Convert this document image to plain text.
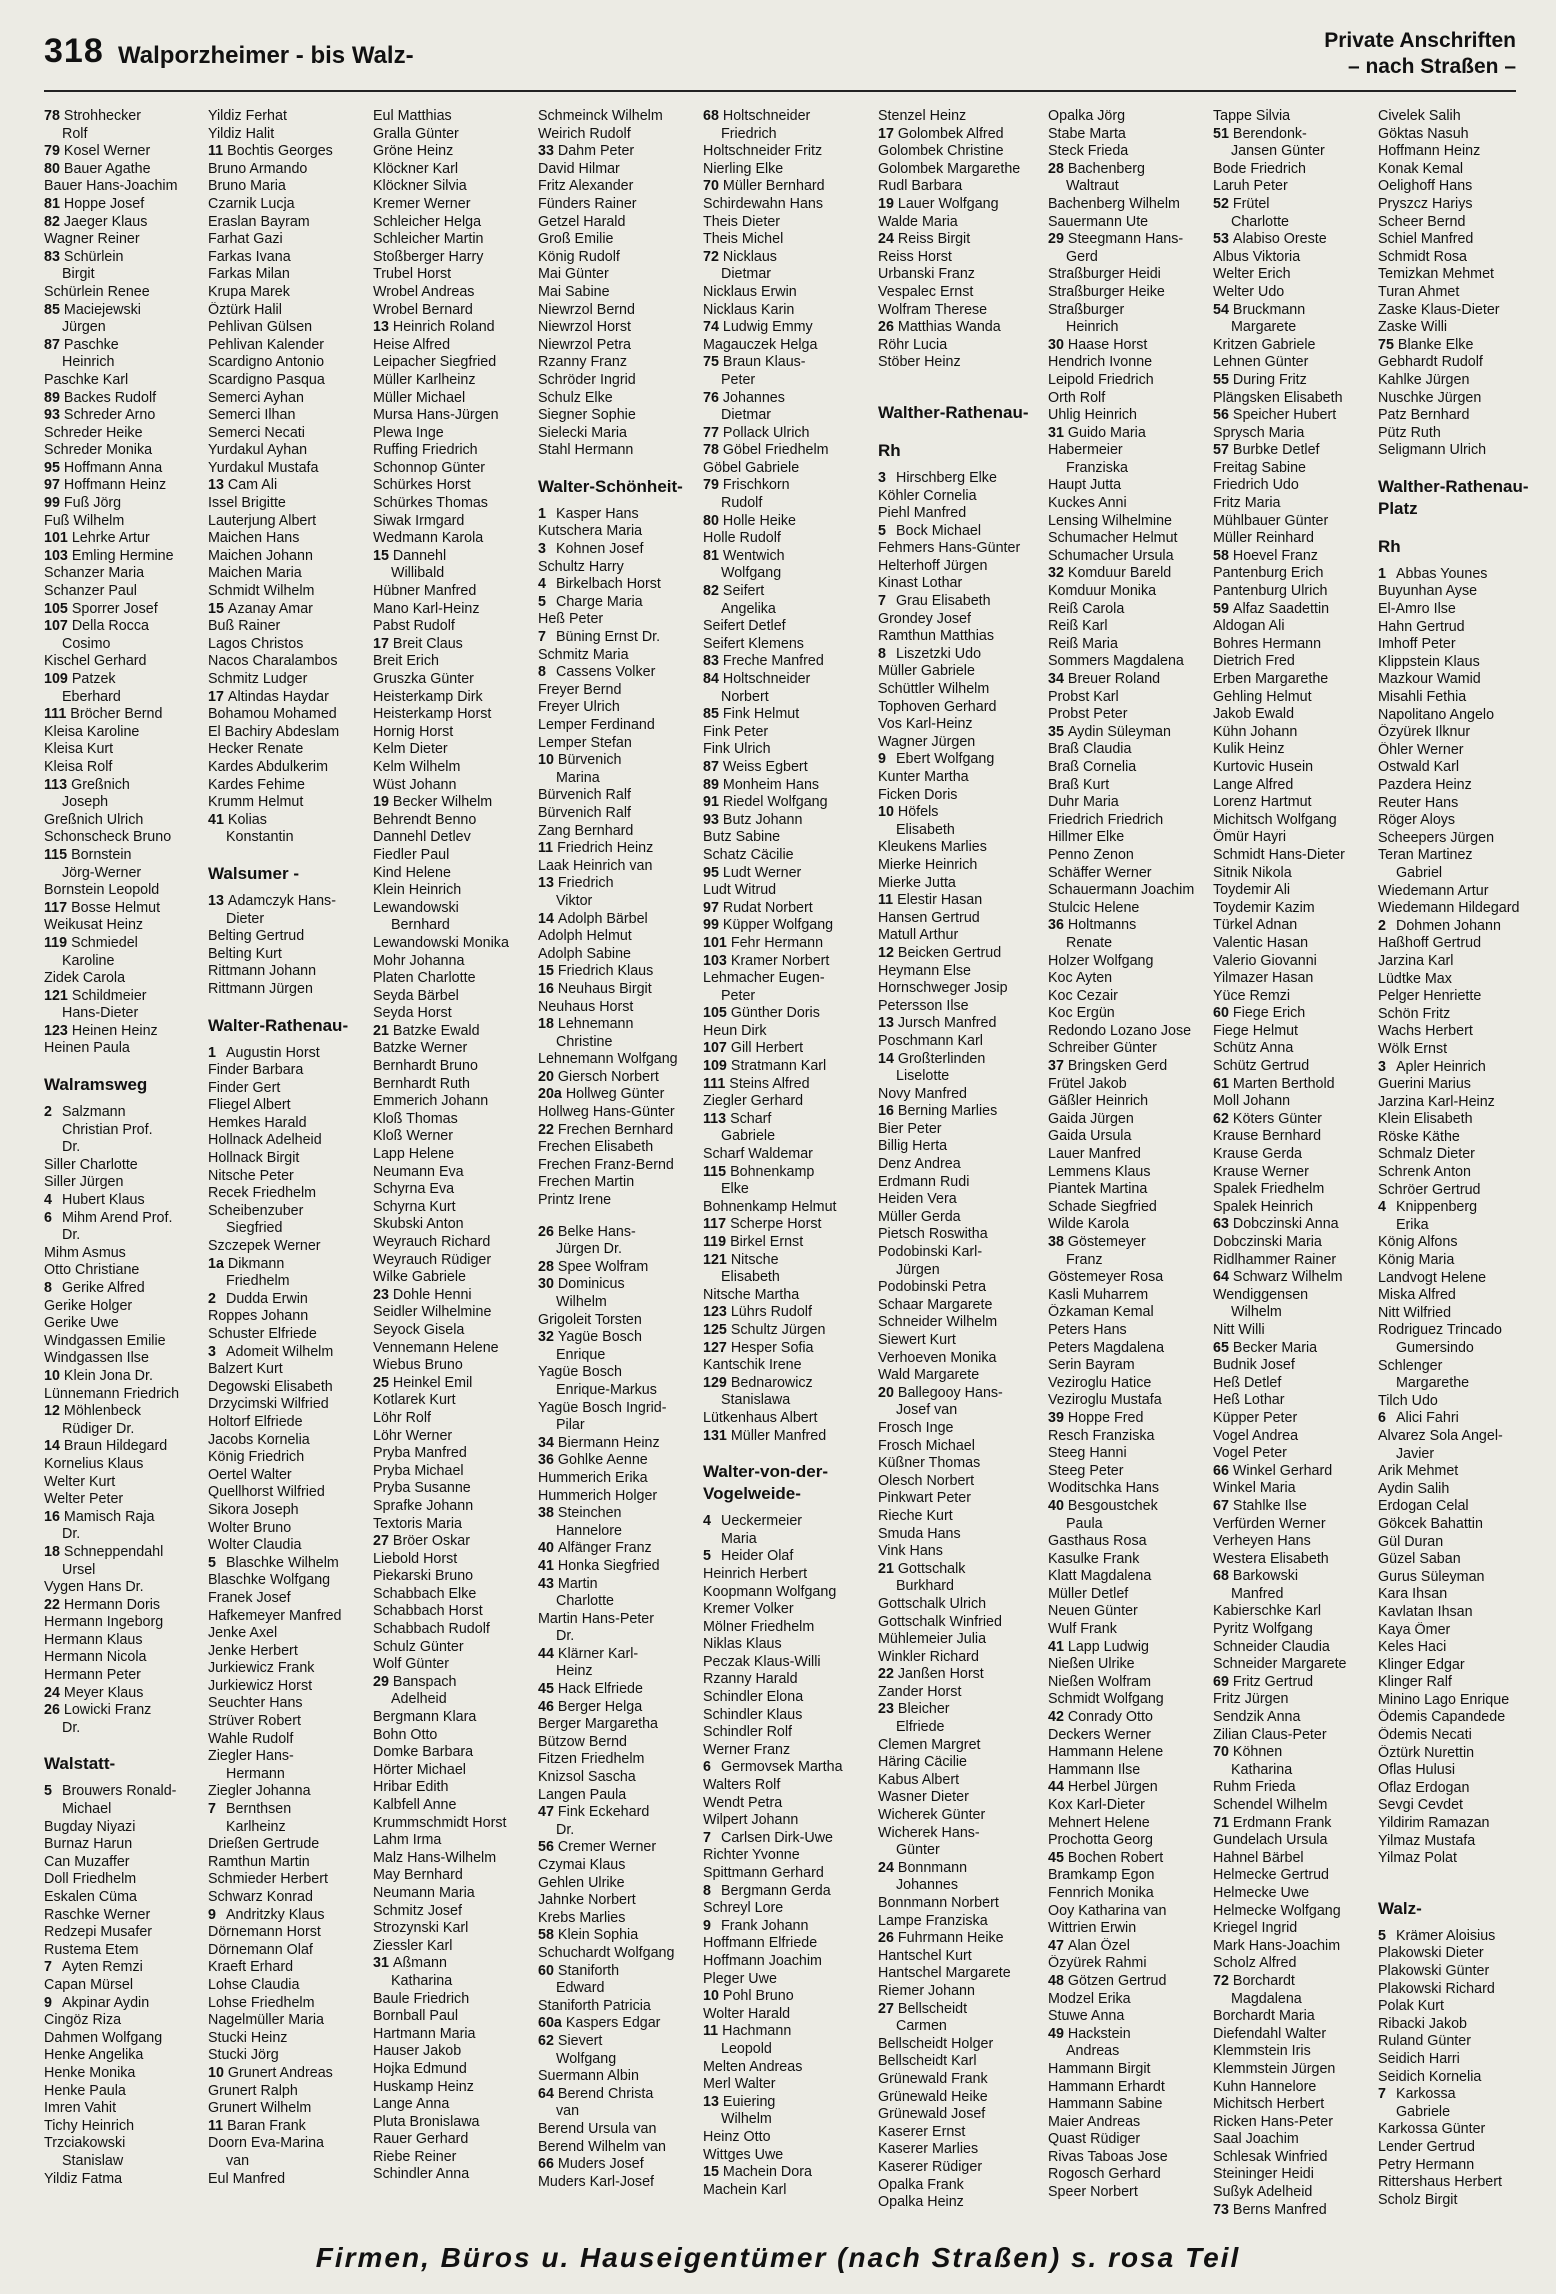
318 Walporzheimer - bis Walz-
Private Anschriften
– nach Straßen –
78 Strohhecker
Rolf
79 Kosel Werner
80 Bauer Agathe
Bauer Hans-Joachim
81 Hoppe Josef
82 Jaeger Klaus
Wagner Reiner
83 Schürlein
Birgit
Schürlein Renee
85 Maciejewski
Jürgen
87 Paschke
Heinrich
Paschke Karl
89 Backes Rudolf
93 Schreder Arno
Schreder Heike
Schreder Monika
95 Hoffmann Anna
97 Hoffmann Heinz
99 Fuß Jörg
Fuß Wilhelm
101 Lehrke Artur
103 Emling Hermine
Schanzer Maria
Schanzer Paul
105 Sporrer Josef
107 Della Rocca
Cosimo
Kischel Gerhard
109 Patzek
Eberhard
111 Bröcher Bernd
Kleisa Karoline
Kleisa Kurt
Kleisa Rolf
113 Greßnich
Joseph
Greßnich Ulrich
Schonscheck Bruno
115 Bornstein
Jörg-Werner
Bornstein Leopold
117 Bosse Helmut
Weikusat Heinz
119 Schmiedel
Karoline
Zidek Carola
121 Schildmeier
Hans-Dieter
123 Heinen Heinz
Heinen Paula
Walramsweg
2 Salzmann
Christian Prof.
Dr.
Siller Charlotte
Siller Jürgen
4 Hubert Klaus
6 Mihm Arend Prof.
Dr.
Mihm Asmus
Otto Christiane
8 Gerike Alfred
Gerike Holger
Gerike Uwe
Windgassen Emilie
Windgassen Ilse
10 Klein Jona Dr.
Lünnemann Friedrich
12 Möhlenbeck
Rüdiger Dr.
14 Braun Hildegard
Kornelius Klaus
Welter Kurt
Welter Peter
16 Mamisch Raja
Dr.
18 Schneppendahl
Ursel
Vygen Hans Dr.
22 Hermann Doris
Hermann Ingeborg
Hermann Klaus
Hermann Nicola
Hermann Peter
24 Meyer Klaus
26 Lowicki Franz
Dr.
Walstatt-
5 Brouwers Ronald-
Michael
Bugday Niyazi
Burnaz Harun
Can Muzaffer
Doll Friedhelm
Eskalen Cüma
Raschke Werner
Redzepi Musafer
Rustema Etem
7 Ayten Remzi
Capan Mürsel
9 Akpinar Aydin
Cingöz Riza
Dahmen Wolfgang
Henke Angelika
Henke Monika
Henke Paula
Imren Vahit
Tichy Heinrich
Trzciakowski
Stanislaw
Yildiz Fatma
Yildiz Ferhat
Yildiz Halit
11 Bochtis Georges
Bruno Armando
Bruno Maria
Czarnik Lucja
Eraslan Bayram
Farhat Gazi
Farkas Ivana
Farkas Milan
Krupa Marek
Öztürk Halil
Pehlivan Gülsen
Pehlivan Kalender
Scardigno Antonio
Scardigno Pasqua
Semerci Ayhan
Semerci Ilhan
Semerci Necati
Yurdakul Ayhan
Yurdakul Mustafa
13 Cam Ali
Issel Brigitte
Lauterjung Albert
Maichen Hans
Maichen Johann
Maichen Maria
Schmidt Wilhelm
15 Azanay Amar
Buß Rainer
Lagos Christos
Nacos Charalambos
Schmitz Ludger
17 Altindas Haydar
Bohamou Mohamed
El Bachiry Abdeslam
Hecker Renate
Kardes Abdulkerim
Kardes Fehime
Krumm Helmut
41 Kolias
Konstantin
Walsumer -
13 Adamczyk Hans-
Dieter
Belting Gertrud
Belting Kurt
Rittmann Johann
Rittmann Jürgen
Walter-Rathenau-
1 Augustin Horst
Finder Barbara
Finder Gert
Fliegel Albert
Hemkes Harald
Hollnack Adelheid
Hollnack Birgit
Nitsche Peter
Recek Friedhelm
Scheibenzuber
Siegfried
Szczepek Werner
1a Dikmann
Friedhelm
2 Dudda Erwin
Roppes Johann
Schuster Elfriede
3 Adomeit Wilhelm
Balzert Kurt
Degowski Elisabeth
Drzycimski Wilfried
Holtorf Elfriede
Jacobs Kornelia
König Friedrich
Oertel Walter
Quellhorst Wilfried
Sikora Joseph
Wolter Bruno
Wolter Claudia
5 Blaschke Wilhelm
Blaschke Wolfgang
Franek Josef
Hafkemeyer Manfred
Jenke Axel
Jenke Herbert
Jurkiewicz Frank
Jurkiewicz Horst
Seuchter Hans
Strüver Robert
Wahle Rudolf
Ziegler Hans-
Hermann
Ziegler Johanna
7 Bernthsen
Karlheinz
Drießen Gertrude
Ramthun Martin
Schmieder Herbert
Schwarz Konrad
9 Andritzky Klaus
Dörnemann Horst
Dörnemann Olaf
Kraeft Erhard
Lohse Claudia
Lohse Friedhelm
Nagelmüller Maria
Stucki Heinz
Stucki Jörg
10 Grunert Andreas
Grunert Ralph
Grunert Wilhelm
11 Baran Frank
Doorn Eva-Marina
van
Eul Manfred
Eul Matthias
Gralla Günter
Gröne Heinz
Klöckner Karl
Klöckner Silvia
Kremer Werner
Schleicher Helga
Schleicher Martin
Stoßberger Harry
Trubel Horst
Wrobel Andreas
Wrobel Bernard
13 Heinrich Roland
Heise Alfred
Leipacher Siegfried
Müller Karlheinz
Müller Michael
Mursa Hans-Jürgen
Plewa Inge
Ruffing Friedrich
Schonnop Günter
Schürkes Horst
Schürkes Thomas
Siwak Irmgard
Wedmann Karola
15 Dannehl
Willibald
Hübner Manfred
Mano Karl-Heinz
Pabst Rudolf
17 Breit Claus
Breit Erich
Gruszka Günter
Heisterkamp Dirk
Heisterkamp Horst
Hornig Horst
Kelm Dieter
Kelm Wilhelm
Wüst Johann
19 Becker Wilhelm
Behrendt Benno
Dannehl Detlev
Fiedler Paul
Kind Helene
Klein Heinrich
Lewandowski
Bernhard
Lewandowski Monika
Mohr Johanna
Platen Charlotte
Seyda Bärbel
Seyda Horst
21 Batzke Ewald
Batzke Werner
Bernhardt Bruno
Bernhardt Ruth
Emmerich Johann
Kloß Thomas
Kloß Werner
Lapp Helene
Neumann Eva
Schyrna Eva
Schyrna Kurt
Skubski Anton
Weyrauch Richard
Weyrauch Rüdiger
Wilke Gabriele
23 Dohle Henni
Seidler Wilhelmine
Seyock Gisela
Vennemann Helene
Wiebus Bruno
25 Heinkel Emil
Kotlarek Kurt
Löhr Rolf
Löhr Werner
Pryba Manfred
Pryba Michael
Pryba Susanne
Sprafke Johann
Textoris Maria
27 Bröer Oskar
Liebold Horst
Piekarski Bruno
Schabbach Elke
Schabbach Horst
Schabbach Rudolf
Schulz Günter
Wolf Günter
29 Banspach
Adelheid
Bergmann Klara
Bohn Otto
Domke Barbara
Hörter Michael
Hribar Edith
Kalbfell Anne
Krummschmidt Horst
Lahm Irma
Malz Hans-Wilhelm
May Bernhard
Neumann Maria
Schmitz Josef
Strozynski Karl
Ziessler Karl
31 Aßmann
Katharina
Baule Friedrich
Bornball Paul
Hartmann Maria
Hauser Jakob
Hojka Edmund
Huskamp Heinz
Lange Anna
Pluta Bronislawa
Rauer Gerhard
Riebe Reiner
Schindler Anna
Schmeinck Wilhelm
Weirich Rudolf
33 Dahm Peter
David Hilmar
Fritz Alexander
Fünders Rainer
Getzel Harald
Groß Emilie
König Rudolf
Mai Günter
Mai Sabine
Niewrzol Bernd
Niewrzol Horst
Niewrzol Petra
Rzanny Franz
Schröder Ingrid
Schulz Elke
Siegner Sophie
Sielecki Maria
Stahl Hermann
Walter-Schönheit-
1 Kasper Hans
Kutschera Maria
3 Kohnen Josef
Schultz Harry
4 Birkelbach Horst
5 Charge Maria
Heß Peter
7 Büning Ernst Dr.
Schmitz Maria
8 Cassens Volker
Freyer Bernd
Freyer Ulrich
Lemper Ferdinand
Lemper Stefan
10 Bürvenich
Marina
Bürvenich Ralf
Bürvenich Ralf
Zang Bernhard
11 Friedrich Heinz
Laak Heinrich van
13 Friedrich
Viktor
14 Adolph Bärbel
Adolph Helmut
Adolph Sabine
15 Friedrich Klaus
16 Neuhaus Birgit
Neuhaus Horst
18 Lehnemann
Christine
Lehnemann Wolfgang
20 Giersch Norbert
20a Hollweg Günter
Hollweg Hans-Günter
22 Frechen Bernhard
Frechen Elisabeth
Frechen Franz-Bernd
Frechen Martin
Printz Irene
26 Belke Hans-
Jürgen Dr.
28 Spee Wolfram
30 Dominicus
Wilhelm
Grigoleit Torsten
32 Yagüe Bosch
Enrique
Yagüe Bosch
Enrique-Markus
Yagüe Bosch Ingrid-
Pilar
34 Biermann Heinz
36 Gohlke Aenne
Hummerich Erika
Hummerich Holger
38 Steinchen
Hannelore
40 Alfänger Franz
41 Honka Siegfried
43 Martin
Charlotte
Martin Hans-Peter
Dr.
44 Klärner Karl-
Heinz
45 Hack Elfriede
46 Berger Helga
Berger Margaretha
Bützow Bernd
Fitzen Friedhelm
Knizsol Sascha
Langen Paula
47 Fink Eckehard
Dr.
56 Cremer Werner
Czymai Klaus
Gehlen Ulrike
Jahnke Norbert
Krebs Marlies
58 Klein Sophia
Schuchardt Wolfgang
60 Staniforth
Edward
Staniforth Patricia
60a Kaspers Edgar
62 Sievert
Wolfgang
Suermann Albin
64 Berend Christa
van
Berend Ursula van
Berend Wilhelm van
66 Muders Josef
Muders Karl-Josef
68 Holtschneider
Friedrich
Holtschneider Fritz
Nierling Elke
70 Müller Bernhard
Schirdewahn Hans
Theis Dieter
Theis Michel
72 Nicklaus
Dietmar
Nicklaus Erwin
Nicklaus Karin
74 Ludwig Emmy
Magauczek Helga
75 Braun Klaus-
Peter
76 Johannes
Dietmar
77 Pollack Ulrich
78 Göbel Friedhelm
Göbel Gabriele
79 Frischkorn
Rudolf
80 Holle Heike
Holle Rudolf
81 Wentwich
Wolfgang
82 Seifert
Angelika
Seifert Detlef
Seifert Klemens
83 Freche Manfred
84 Holtschneider
Norbert
85 Fink Helmut
Fink Peter
Fink Ulrich
87 Weiss Egbert
89 Monheim Hans
91 Riedel Wolfgang
93 Butz Johann
Butz Sabine
Schatz Cäcilie
95 Ludt Werner
Ludt Witrud
97 Rudat Norbert
99 Küpper Wolfgang
101 Fehr Hermann
103 Kramer Norbert
Lehmacher Eugen-
Peter
105 Günther Doris
Heun Dirk
107 Gill Herbert
109 Stratmann Karl
111 Steins Alfred
Ziegler Gerhard
113 Scharf
Gabriele
Scharf Waldemar
115 Bohnenkamp
Elke
Bohnenkamp Helmut
117 Scherpe Horst
119 Birkel Ernst
121 Nitsche
Elisabeth
Nitsche Martha
123 Lührs Rudolf
125 Schultz Jürgen
127 Hesper Sofia
Kantschik Irene
129 Bednarowicz
Stanislawa
Lütkenhaus Albert
131 Müller Manfred
Walter-von-der-Vogelweide-
4 Ueckermeier
Maria
5 Heider Olaf
Heinrich Herbert
Koopmann Wolfgang
Kremer Volker
Mölner Friedhelm
Niklas Klaus
Peczak Klaus-Willi
Rzanny Harald
Schindler Elona
Schindler Klaus
Schindler Rolf
Werner Franz
6 Germovsek Martha
Walters Rolf
Wendt Petra
Wilpert Johann
7 Carlsen Dirk-Uwe
Richter Yvonne
Spittmann Gerhard
8 Bergmann Gerda
Schreyl Lore
9 Frank Johann
Hoffmann Elfriede
Hoffmann Joachim
Pleger Uwe
10 Pohl Bruno
Wolter Harald
11 Hachmann
Leopold
Melten Andreas
Merl Walter
13 Euiering
Wilhelm
Heinz Otto
Wittges Uwe
15 Machein Dora
Machein Karl
Stenzel Heinz
17 Golombek Alfred
Golombek Christine
Golombek Margarethe
Rudl Barbara
19 Lauer Wolfgang
Walde Maria
24 Reiss Birgit
Reiss Horst
Urbanski Franz
Vespalec Ernst
Wolfram Therese
26 Matthias Wanda
Röhr Lucia
Stöber Heinz
Walther-Rathenau-
Rh
3 Hirschberg Elke
Köhler Cornelia
Piehl Manfred
5 Bock Michael
Fehmers Hans-Günter
Helterhoff Jürgen
Kinast Lothar
7 Grau Elisabeth
Grondey Josef
Ramthun Matthias
8 Liszetzki Udo
Müller Gabriele
Schüttler Wilhelm
Tophoven Gerhard
Vos Karl-Heinz
Wagner Jürgen
9 Ebert Wolfgang
Kunter Martha
Ficken Doris
10 Höfels
Elisabeth
Kleukens Marlies
Mierke Heinrich
Mierke Jutta
11 Elestir Hasan
Hansen Gertrud
Matull Arthur
12 Beicken Gertrud
Heymann Else
Hornschweger Josip
Petersson Ilse
13 Jursch Manfred
Poschmann Karl
14 Großterlinden
Liselotte
Novy Manfred
16 Berning Marlies
Bier Peter
Billig Herta
Denz Andrea
Erdmann Rudi
Heiden Vera
Müller Gerda
Pietsch Roswitha
Podobinski Karl-
Jürgen
Podobinski Petra
Schaar Margarete
Schneider Wilhelm
Siewert Kurt
Verhoeven Monika
Wald Margarete
20 Ballegooy Hans-
Josef van
Frosch Inge
Frosch Michael
Küßner Thomas
Olesch Norbert
Pinkwart Peter
Rieche Kurt
Smuda Hans
Vink Hans
21 Gottschalk
Burkhard
Gottschalk Ulrich
Gottschalk Winfried
Mühlemeier Julia
Winkler Richard
22 Janßen Horst
Zander Horst
23 Bleicher
Elfriede
Clemen Margret
Häring Cäcilie
Kabus Albert
Wasner Dieter
Wicherek Günter
Wicherek Hans-
Günter
24 Bonnmann
Johannes
Bonnmann Norbert
Lampe Franziska
26 Fuhrmann Heike
Hantschel Kurt
Hantschel Margarete
Riemer Johann
27 Bellscheidt
Carmen
Bellscheidt Holger
Bellscheidt Karl
Grünewald Frank
Grünewald Heike
Grünewald Josef
Kaserer Ernst
Kaserer Marlies
Kaserer Rüdiger
Opalka Frank
Opalka Heinz
Opalka Jörg
Stabe Marta
Steck Frieda
28 Bachenberg
Waltraut
Bachenberg Wilhelm
Sauermann Ute
29 Steegmann Hans-
Gerd
Straßburger Heidi
Straßburger Heike
Straßburger
Heinrich
30 Haase Horst
Hendrich Ivonne
Leipold Friedrich
Orth Rolf
Uhlig Heinrich
31 Guido Maria
Habermeier
Franziska
Haupt Jutta
Kuckes Anni
Lensing Wilhelmine
Schumacher Helmut
Schumacher Ursula
32 Komduur Bareld
Komduur Monika
Reiß Carola
Reiß Karl
Reiß Maria
Sommers Magdalena
34 Breuer Roland
Probst Karl
Probst Peter
35 Aydin Süleyman
Braß Claudia
Braß Cornelia
Braß Kurt
Duhr Maria
Friedrich Friedrich
Hillmer Elke
Penno Zenon
Schäffer Werner
Schauermann Joachim
Stulcic Helene
36 Holtmanns
Renate
Holzer Wolfgang
Koc Ayten
Koc Cezair
Koc Ergün
Redondo Lozano Jose
Schreiber Günter
37 Bringsken Gerd
Frütel Jakob
Gäßler Heinrich
Gaida Jürgen
Gaida Ursula
Lauer Manfred
Lemmens Klaus
Piantek Martina
Schade Siegfried
Wilde Karola
38 Göstemeyer
Franz
Göstemeyer Rosa
Kasli Muharrem
Özkaman Kemal
Peters Hans
Peters Magdalena
Serin Bayram
Veziroglu Hatice
Veziroglu Mustafa
39 Hoppe Fred
Resch Franziska
Steeg Hanni
Steeg Peter
Woditschka Hans
40 Besgoustchek
Paula
Gasthaus Rosa
Kasulke Frank
Klatt Magdalena
Müller Detlef
Neuen Günter
Wulf Frank
41 Lapp Ludwig
Nießen Ulrike
Nießen Wolfram
Schmidt Wolfgang
42 Conrady Otto
Deckers Werner
Hammann Helene
Hammann Ilse
44 Herbel Jürgen
Kox Karl-Dieter
Mehnert Helene
Prochotta Georg
45 Bochen Robert
Bramkamp Egon
Fennrich Monika
Ooy Katharina van
Wittrien Erwin
47 Alan Özel
Özyürek Rahmi
48 Götzen Gertrud
Modzel Erika
Stuwe Anna
49 Hackstein
Andreas
Hammann Birgit
Hammann Erhardt
Hammann Sabine
Maier Andreas
Quast Rüdiger
Rivas Taboas Jose
Rogosch Gerhard
Speer Norbert
Tappe Silvia
51 Berendonk-
Jansen Günter
Bode Friedrich
Laruh Peter
52 Frütel
Charlotte
53 Alabiso Oreste
Albus Viktoria
Welter Erich
Welter Udo
54 Bruckmann
Margarete
Kritzen Gabriele
Lehnen Günter
55 During Fritz
Plängsken Elisabeth
56 Speicher Hubert
Sprysch Maria
57 Burbke Detlef
Freitag Sabine
Friedrich Udo
Fritz Maria
Mühlbauer Günter
Müller Reinhard
58 Hoevel Franz
Pantenburg Erich
Pantenburg Ulrich
59 Alfaz Saadettin
Aldogan Ali
Bohres Hermann
Dietrich Fred
Erben Margarethe
Gehling Helmut
Jakob Ewald
Kühn Johann
Kulik Heinz
Kurtovic Husein
Lange Alfred
Lorenz Hartmut
Michitsch Wolfgang
Ömür Hayri
Schmidt Hans-Dieter
Sitnik Nikola
Toydemir Ali
Toydemir Kazim
Türkel Adnan
Valentic Hasan
Valerio Giovanni
Yilmazer Hasan
Yüce Remzi
60 Fiege Erich
Fiege Helmut
Schütz Anna
Schütz Gertrud
61 Marten Berthold
Moll Johann
62 Köters Günter
Krause Bernhard
Krause Gerda
Krause Werner
Spalek Friedhelm
Spalek Heinrich
63 Dobczinski Anna
Dobczinski Maria
Ridlhammer Rainer
64 Schwarz Wilhelm
Wendiggensen
Wilhelm
Nitt Willi
65 Becker Maria
Budnik Josef
Heß Detlef
Heß Lothar
Küpper Peter
Vogel Andrea
Vogel Peter
66 Winkel Gerhard
Winkel Maria
67 Stahlke Ilse
Verfürden Werner
Verheyen Hans
Westera Elisabeth
68 Barkowski
Manfred
Kabierschke Karl
Pyritz Wolfgang
Schneider Claudia
Schneider Margarete
69 Fritz Gertrud
Fritz Jürgen
Sendzik Anna
Zilian Claus-Peter
70 Köhnen
Katharina
Ruhm Frieda
Schendel Wilhelm
71 Erdmann Frank
Gundelach Ursula
Hahnel Bärbel
Helmecke Gertrud
Helmecke Uwe
Helmecke Wolfgang
Kriegel Ingrid
Mark Hans-Joachim
Scholz Alfred
72 Borchardt
Magdalena
Borchardt Maria
Diefendahl Walter
Klemmstein Iris
Klemmstein Jürgen
Kuhn Hannelore
Michitsch Herbert
Ricken Hans-Peter
Saal Joachim
Schlesak Winfried
Steininger Heidi
Sußyk Adelheid
73 Berns Manfred
Civelek Salih
Göktas Nasuh
Hoffmann Heinz
Konak Kemal
Oelighoff Hans
Pryszcz Hariys
Scheer Bernd
Schiel Manfred
Schmidt Rosa
Temizkan Mehmet
Turan Ahmet
Zaske Klaus-Dieter
Zaske Willi
75 Blanke Elke
Gebhardt Rudolf
Kahlke Jürgen
Nuschke Jürgen
Patz Bernhard
Pütz Ruth
Seligmann Ulrich
Walther-Rathenau-Platz
Rh
1 Abbas Younes
Buyunhan Ayse
El-Amro Ilse
Hahn Gertrud
Imhoff Peter
Klippstein Klaus
Mazkour Wamid
Misahli Fethia
Napolitano Angelo
Özyürek Ilknur
Öhler Werner
Ostwald Karl
Pazdera Heinz
Reuter Hans
Röger Aloys
Scheepers Jürgen
Teran Martinez
Gabriel
Wiedemann Artur
Wiedemann Hildegard
2 Dohmen Johann
Haßhoff Gertrud
Jarzina Karl
Lüdtke Max
Pelger Henriette
Schön Fritz
Wachs Herbert
Wölk Ernst
3 Apler Heinrich
Guerini Marius
Jarzina Karl-Heinz
Klein Elisabeth
Röske Käthe
Schmalz Dieter
Schrenk Anton
Schröer Gertrud
4 Knippenberg
Erika
König Alfons
König Maria
Landvogt Helene
Miska Alfred
Nitt Wilfried
Rodriguez Trincado
Gumersindo
Schlenger
Margarethe
Tilch Udo
6 Alici Fahri
Alvarez Sola Angel-
Javier
Arik Mehmet
Aydin Salih
Erdogan Celal
Gökcek Bahattin
Gül Duran
Güzel Saban
Gurus Süleyman
Kara Ihsan
Kavlatan Ihsan
Kaya Ömer
Keles Haci
Klinger Edgar
Klinger Ralf
Minino Lago Enrique
Ödemis Capandede
Ödemis Necati
Öztürk Nurettin
Oflas Hulusi
Oflaz Erdogan
Sevgi Cevdet
Yildirim Ramazan
Yilmaz Mustafa
Yilmaz Polat
Walz-
5 Krämer Aloisius
Plakowski Dieter
Plakowski Günter
Plakowski Richard
Polak Kurt
Ribacki Jakob
Ruland Günter
Seidich Harri
Seidich Kornelia
7 Karkossa
Gabriele
Karkossa Günter
Lender Gertrud
Petry Hermann
Rittershaus Herbert
Scholz Birgit
Firmen, Büros u. Hauseigentümer (nach Straßen) s. rosa Teil
